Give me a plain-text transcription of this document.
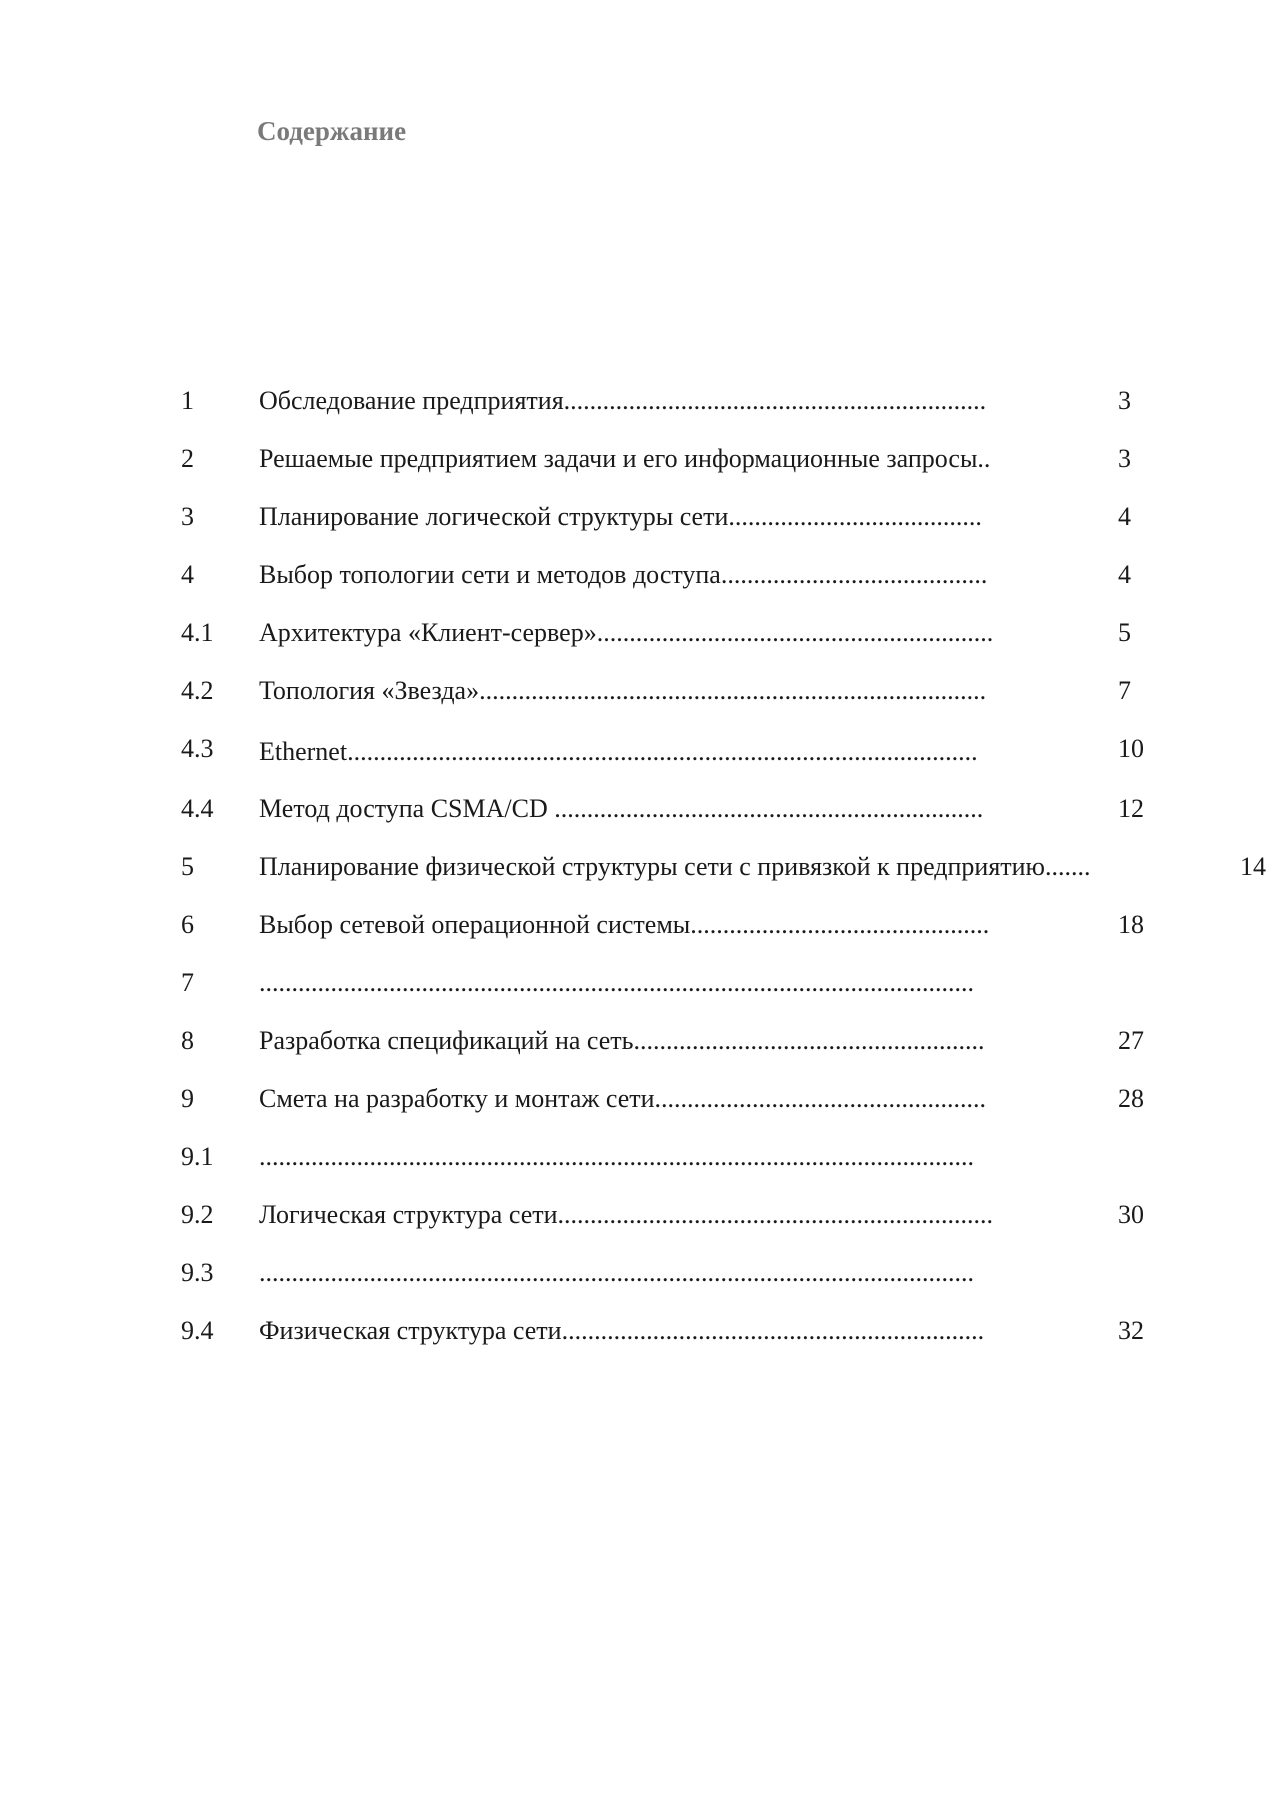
Содержание
1	Обследование предприятия.................................................................	3
2	Решаемые предприятием задачи и его информационные запросы..	3
3	Планирование логической структуры сети.......................................	4
4	Выбор топологии сети и методов доступа.........................................	4
4.1 Архитектура «Клиент-сервер».............................................................	5
4.2 Топология «Звезда»..............................................................................	7
4.3 Ethernet.................................................................................................	10
4.4 Метод доступа CSMA/CD ..................................................................	12
5	Планирование физической структуры сети с привязкой к предприятию.......	14
6	Выбор сетевой операционной системы..............................................	18
7	..............................................................................................................
8	Разработка спецификаций на сеть......................................................	27
9	Смета на разработку и монтаж сети...................................................	28
9.1 ..............................................................................................................
9.2 Логическая структура сети...................................................................	30
9.3 ..............................................................................................................
9.4 Физическая структура сети.................................................................	32
